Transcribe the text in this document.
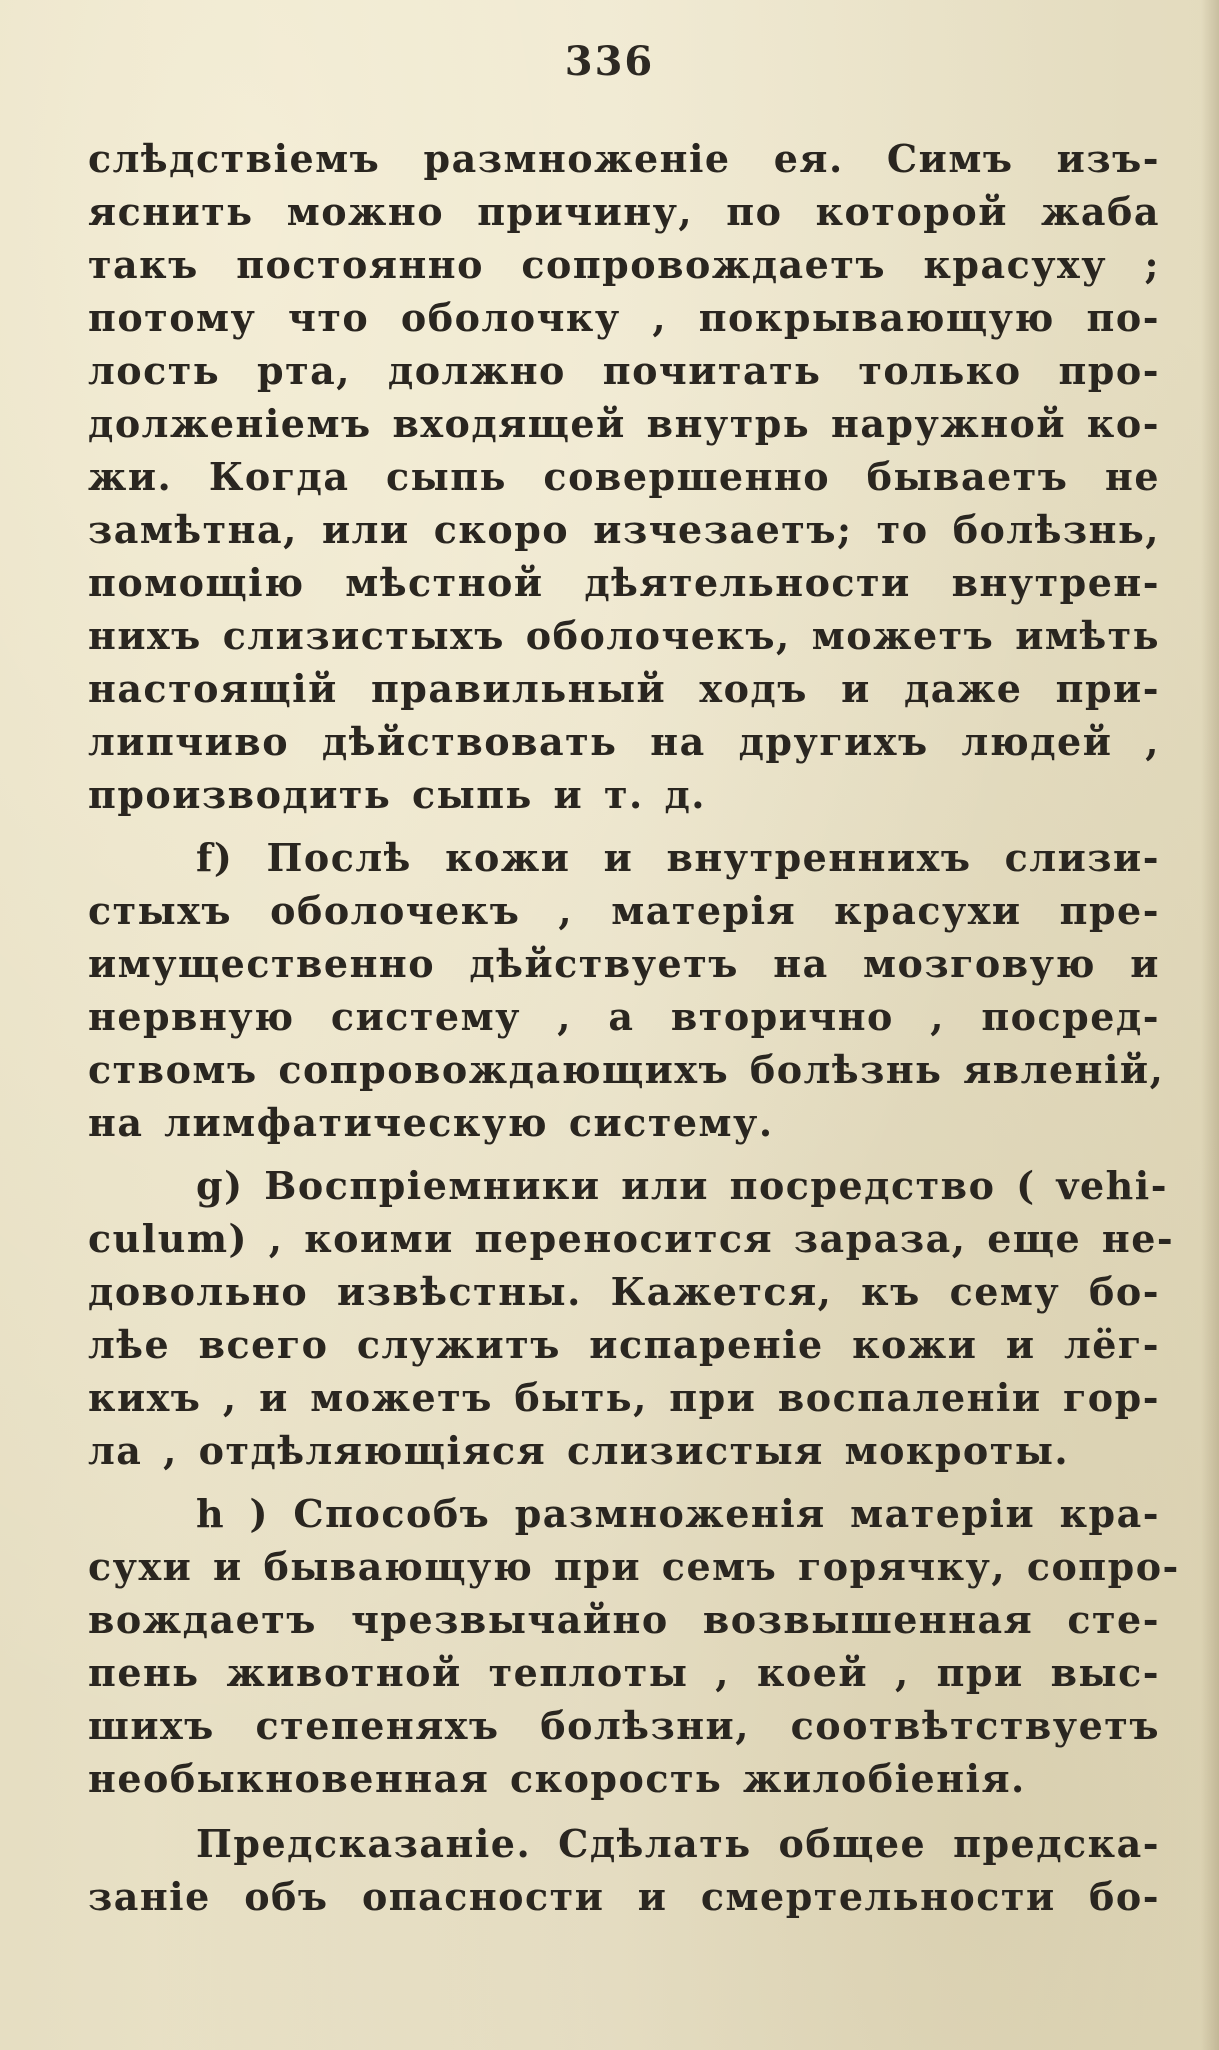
336
слѣдствіемъ размноженіе ея. Симъ изъ-
яснить можно причину, по которой жаба
такъ постоянно сопровождаетъ красуху ;
потому что оболочку , покрывающую по-
лость рта, должно почитать только про-
долженіемъ входящей внутрь наружной ко-
жи. Когда сыпь совершенно бываетъ не
замѣтна, или скоро изчезаетъ; то болѣзнь,
помощію мѣстной дѣятельности внутрен-
нихъ слизистыхъ оболочекъ, можетъ имѣть
настоящій правильный ходъ и даже при-
липчиво дѣйствовать на другихъ людей ,
производить сыпь и т. д.
f) Послѣ кожи и внутреннихъ слизи-
стыхъ оболочекъ , матерія красухи пре-
имущественно дѣйствуетъ на мозговую и
нервную систему , а вторично , посред-
ствомъ сопровождающихъ болѣзнь явленій,
на лимфатическую систему.
g) Воспріемники или посредство ( vehi-
culum) , коими переносится зараза, еще не-
довольно извѣстны. Кажется, къ сему бо-
лѣе всего служитъ испареніе кожи и лёг-
кихъ , и можетъ быть, при воспаленіи гор-
ла , отдѣляющіяся слизистыя мокроты.
h ) Способъ размноженія матеріи кра-
сухи и бывающую при семъ горячку, сопро-
вождаетъ чрезвычайно возвышенная сте-
пень животной теплоты , коей , при выс-
шихъ степеняхъ болѣзни, соотвѣтствуетъ
необыкновенная скорость жилобіенія.
Предсказаніе. Сдѣлать общее предска-
заніе объ опасности и смертельности бо-
